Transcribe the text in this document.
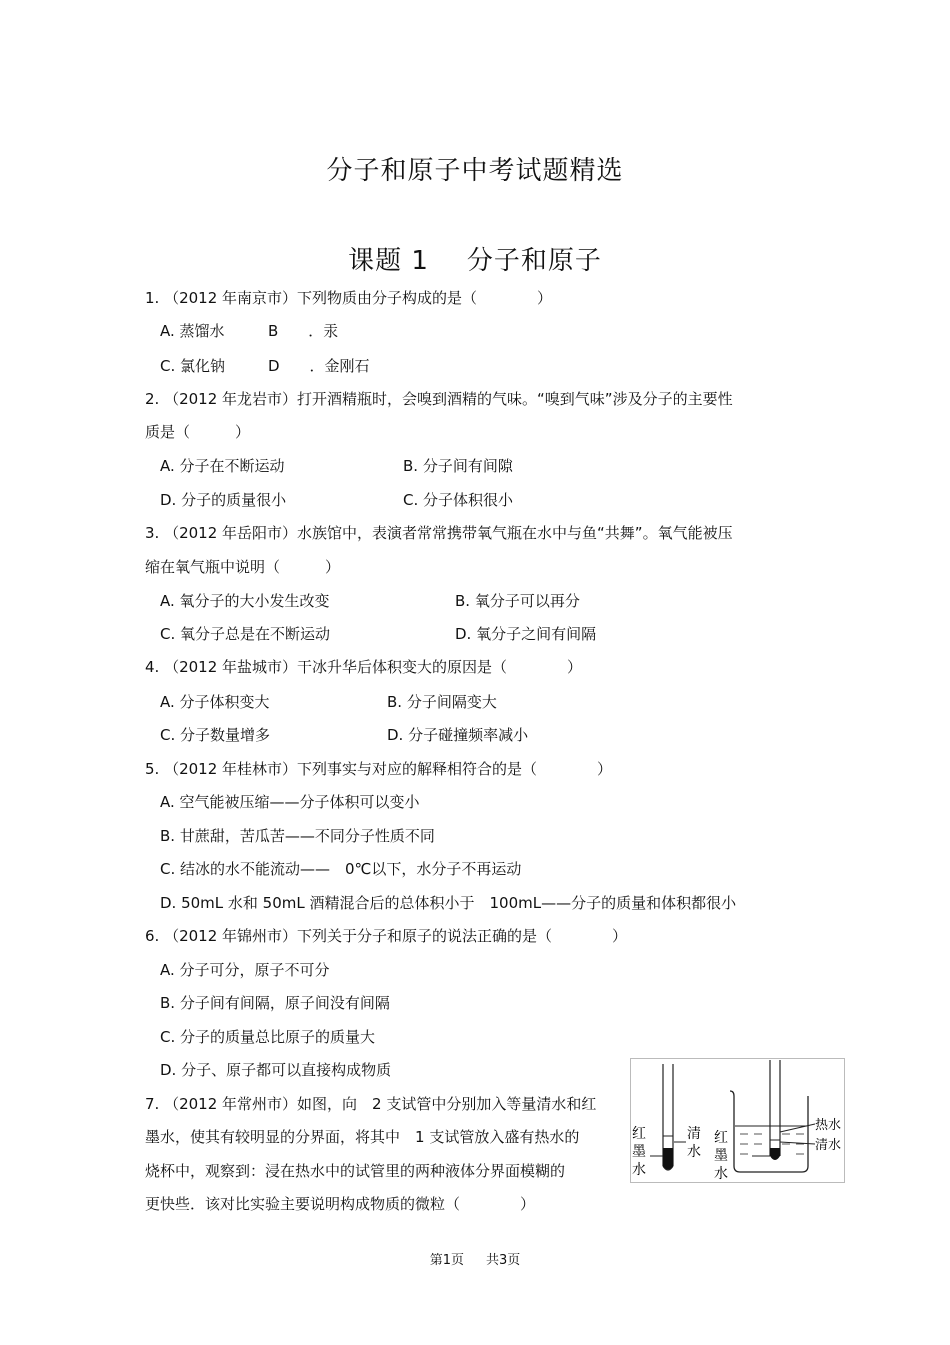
分子和原子中考试题精选
课题 1 分子和原子
1. （2012 年南京市）下列物质由分子构成的是（　　　　）
A. 蒸馏水	B　　．汞
C. 氯化钠	D　　．金刚石
2. （2012 年龙岩市）打开酒精瓶时，会嗅到酒精的气味。“嗅到气味”涉及分子的主要性
质是（　　　）
A. 分子在不断运动	B. 分子间有间隙
D. 分子的质量很小	C. 分子体积很小
3. （2012 年岳阳市）水族馆中，表演者常常携带氧气瓶在水中与鱼“共舞”。氧气能被压
缩在氧气瓶中说明（　　　）
A. 氧分子的大小发生改变	B. 氧分子可以再分
C. 氧分子总是在不断运动	D. 氧分子之间有间隔
4. （2012 年盐城市）干冰升华后体积变大的原因是（　　　　）
A. 分子体积变大	B. 分子间隔变大
C. 分子数量增多	D. 分子碰撞频率减小
5. （2012 年桂林市）下列事实与对应的解释相符合的是（　　　　）
A. 空气能被压缩——分子体积可以变小
B. 甘蔗甜，苦瓜苦——不同分子性质不同
C. 结冰的水不能流动——　0℃以下，水分子不再运动
D. 50mL 水和 50mL 酒精混合后的总体积小于　100mL——分子的质量和体积都很小
6. （2012 年锦州市）下列关于分子和原子的说法正确的是（　　　　）
A. 分子可分，原子不可分
B. 分子间有间隔，原子间没有间隔
C. 分子的质量总比原子的质量大
D. 分子、原子都可以直接构成物质
7. （2012 年常州市）如图，向　2 支试管中分别加入等量清水和红
墨水，使其有较明显的分界面，将其中　1 支试管放入盛有热水的
烧杯中，观察到：浸在热水中的试管里的两种液体分界面模糊的
更快些．该对比实验主要说明构成物质的微粒（　　　　）
红
墨
水
清
水
红
墨
水
热水
清水
第1页 共3页
